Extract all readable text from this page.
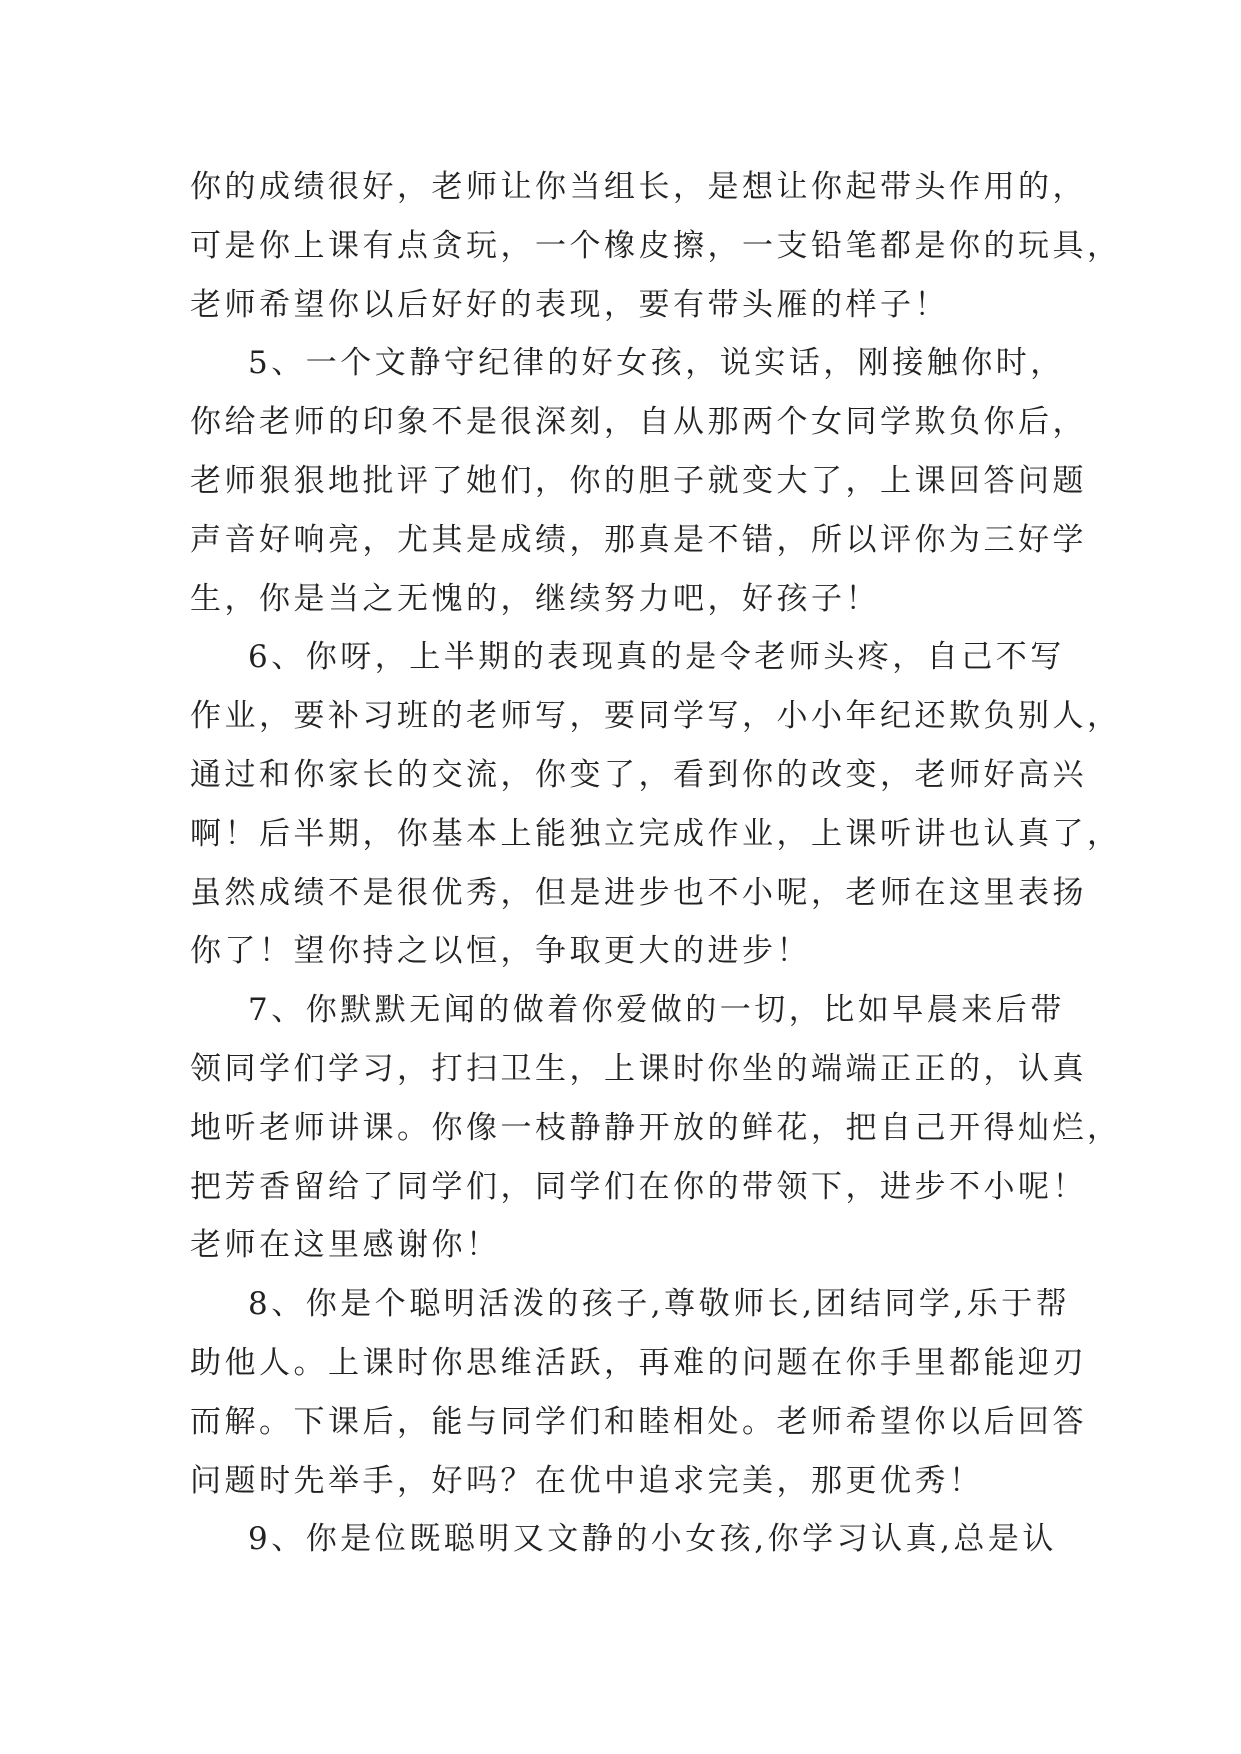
你的成绩很好，老师让你当组长，是想让你起带头作用的，
可是你上课有点贪玩，一个橡皮擦，一支铅笔都是你的玩具，
老师希望你以后好好的表现，要有带头雁的样子！
5、一个文静守纪律的好女孩，说实话，刚接触你时，
你给老师的印象不是很深刻，自从那两个女同学欺负你后，
老师狠狠地批评了她们，你的胆子就变大了，上课回答问题
声音好响亮，尤其是成绩，那真是不错，所以评你为三好学
生，你是当之无愧的，继续努力吧，好孩子！
6、你呀，上半期的表现真的是令老师头疼，自己不写
作业，要补习班的老师写，要同学写，小小年纪还欺负别人，
通过和你家长的交流，你变了，看到你的改变，老师好高兴
啊！后半期，你基本上能独立完成作业，上课听讲也认真了，
虽然成绩不是很优秀，但是进步也不小呢，老师在这里表扬
你了！望你持之以恒，争取更大的进步！
7、你默默无闻的做着你爱做的一切，比如早晨来后带
领同学们学习，打扫卫生，上课时你坐的端端正正的，认真
地听老师讲课。你像一枝静静开放的鲜花，把自己开得灿烂，
把芳香留给了同学们，同学们在你的带领下，进步不小呢！
老师在这里感谢你！
8、你是个聪明活泼的孩子,尊敬师长,团结同学,乐于帮
助他人。上课时你思维活跃，再难的问题在你手里都能迎刃
而解。下课后，能与同学们和睦相处。老师希望你以后回答
问题时先举手，好吗？在优中追求完美，那更优秀！
9、你是位既聪明又文静的小女孩,你学习认真,总是认
